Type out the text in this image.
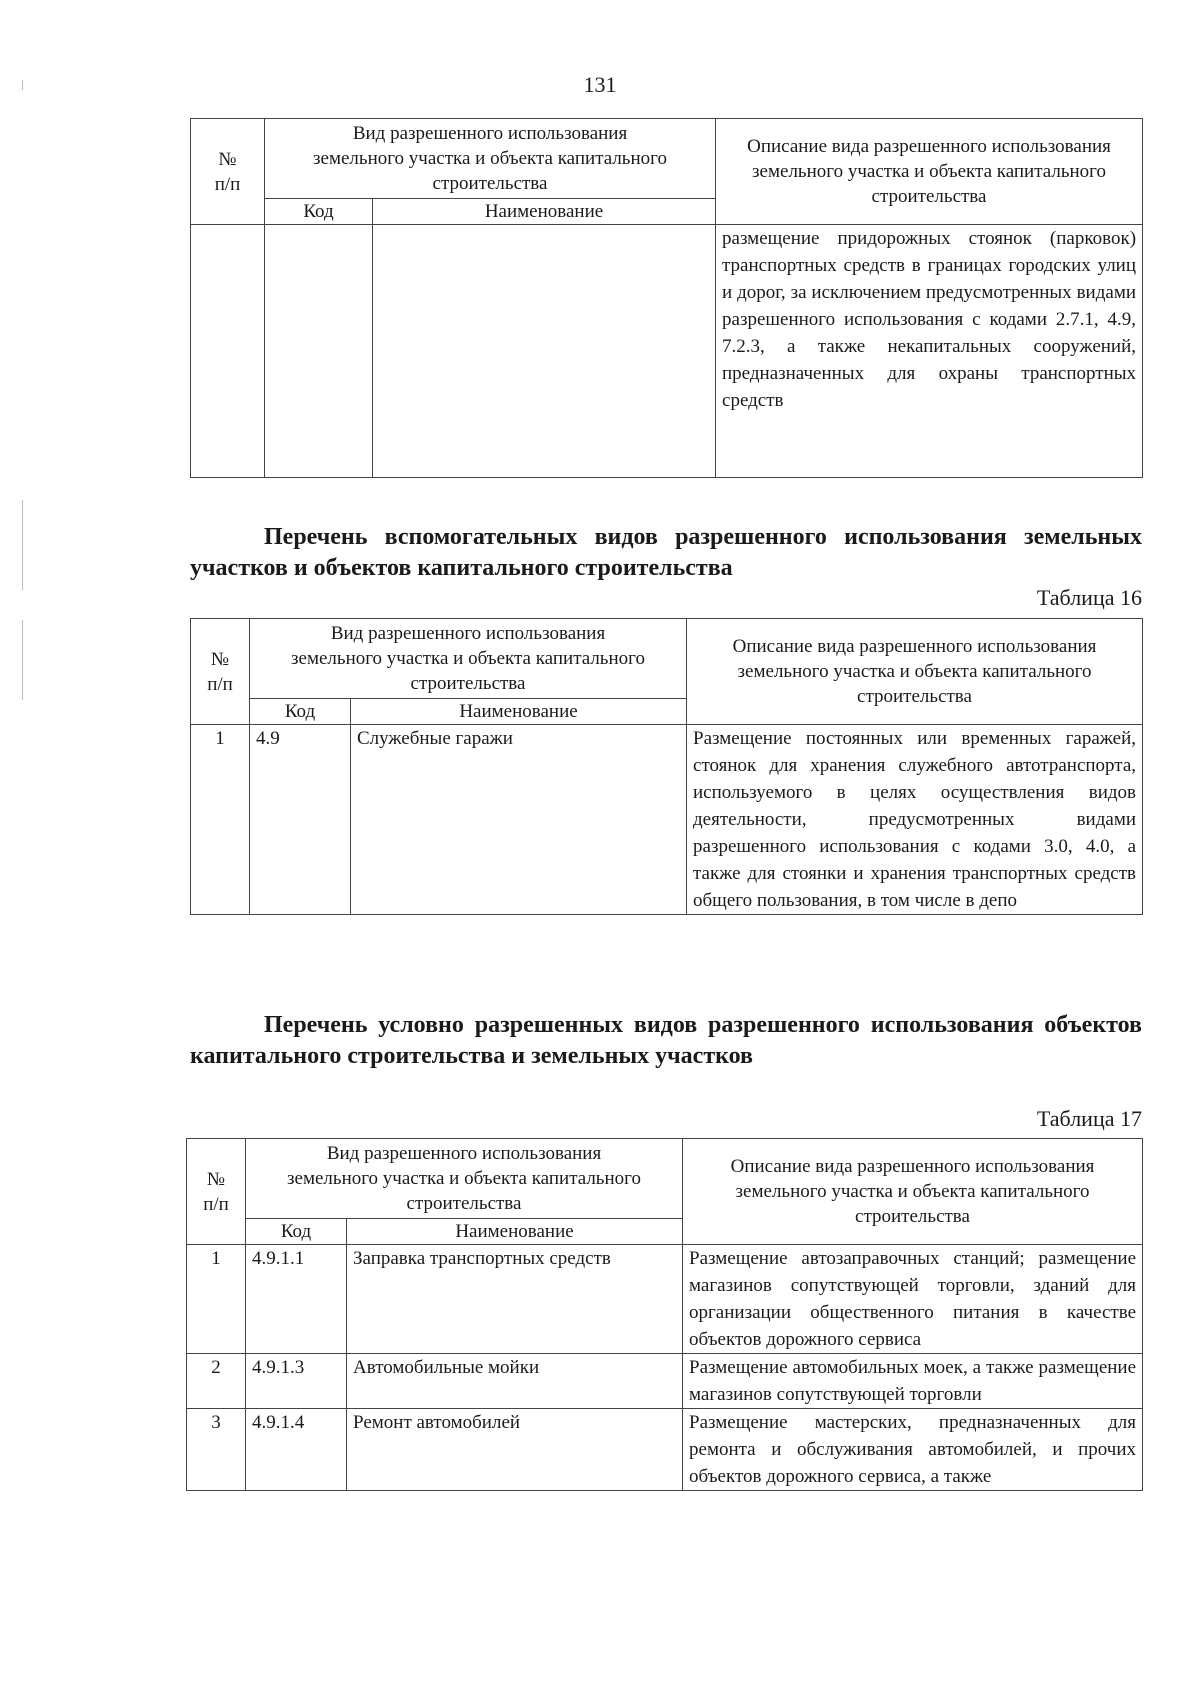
131
№
п/п	Вид разрешенного использования земельного участка и объекта капитального строительства		Описание вида разрешенного использования земельного участка и объекта капитального строительства
	Код	Наименование	
			размещение придорожных стоянок (парковок) транспортных средств в границах городских улиц и дорог, за исключением предусмотренных видами разрешенного использования с кодами 2.7.1, 4.9, 7.2.3, а также некапитальных сооружений, предназначенных для охраны транспортных средств
Перечень вспомогательных видов разрешенного использования земельных участков и объектов капитального строительства
Таблица 16
№
п/п	Вид разрешенного использования земельного участка и объекта капитального строительства		Описание вида разрешенного использования земельного участка и объекта капитального строительства
	Код	Наименование	
1	4.9	Служебные гаражи	Размещение постоянных или временных гаражей, стоянок для хранения служебного автотранспорта, используемого в целях осуществления видов деятельности, предусмотренных видами разрешенного использования с кодами 3.0, 4.0, а также для стоянки и хранения транспортных средств общего пользования, в том числе в депо
Перечень условно разрешенных видов разрешенного использования объектов капитального строительства и земельных участков
Таблица 17
№
п/п	Вид разрешенного использования земельного участка и объекта капитального строительства		Описание вида разрешенного использования земельного участка и объекта капитального строительства
	Код	Наименование	
1	4.9.1.1	Заправка транспортных средств	Размещение автозаправочных станций; размещение магазинов сопутствующей торговли, зданий для организации общественного питания в качестве объектов дорожного сервиса
2	4.9.1.3	Автомобильные мойки	Размещение автомобильных моек, а также размещение магазинов сопутствующей торговли
3	4.9.1.4	Ремонт автомобилей	Размещение мастерских, предназначенных для ремонта и обслуживания автомобилей, и прочих объектов дорожного сервиса, а также
